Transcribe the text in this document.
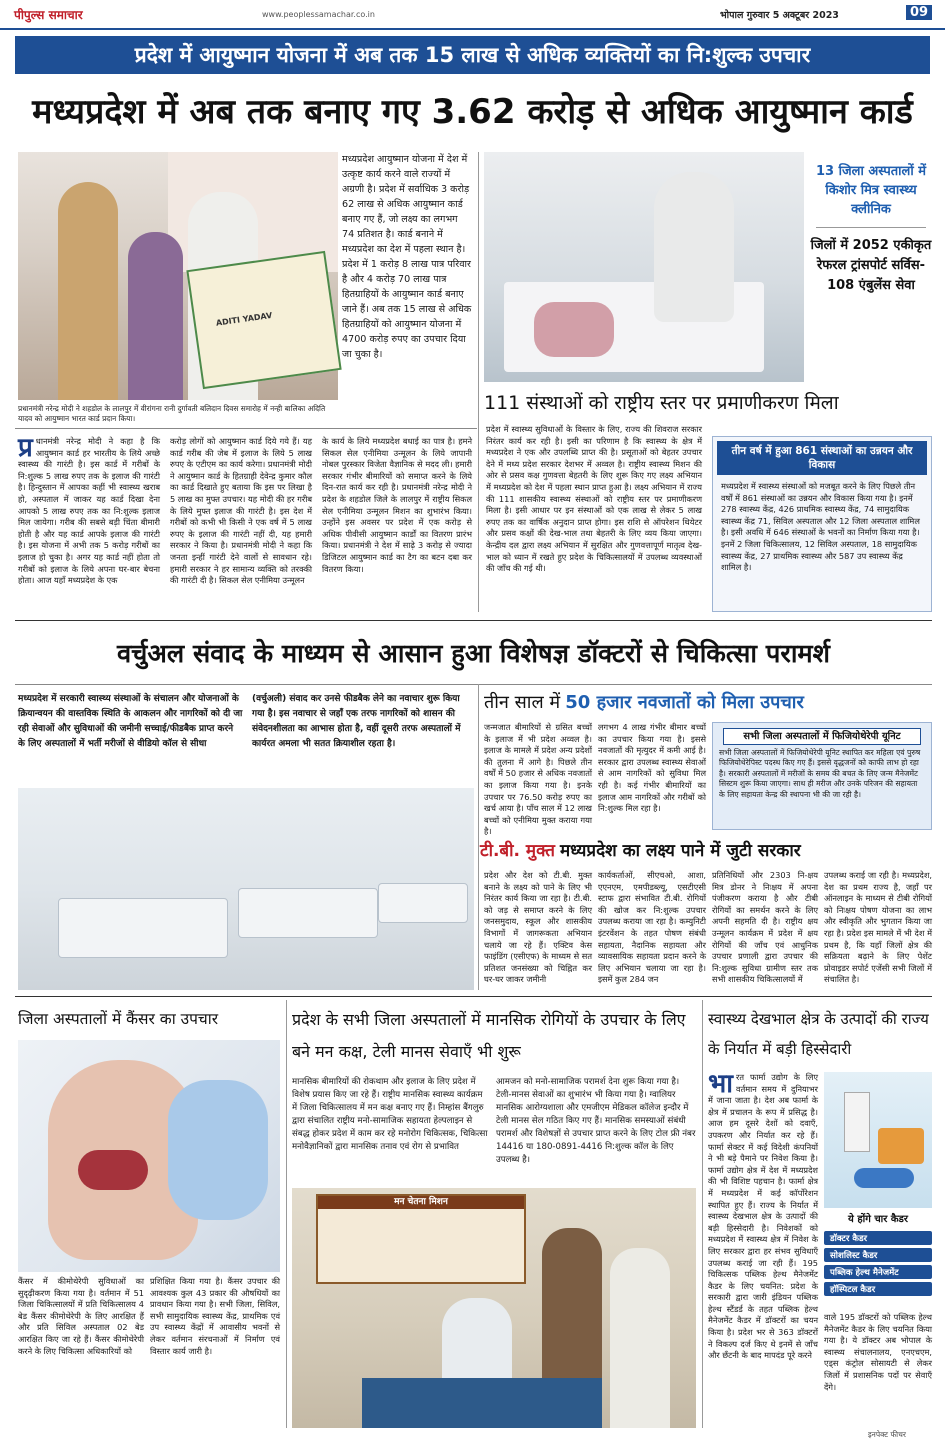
पीपुल्स समाचार	www.peoplessamachar.co.in	भोपाल गुरुवार 5 अक्टूबर 2023	09
प्रदेश में आयुष्मान योजना में अब तक 15 लाख से अधिक व्यक्तियों का नि:शुल्क उपचार
मध्यप्रदेश में अब तक बनाए गए 3.62 करोड़ से अधिक आयुष्मान कार्ड
ADITI YADAV
प्रधानमंत्री नरेन्द्र मोदी ने शहडोल के लालपुर में वीरांगना रानी दुर्गावती बलिदान दिवस समारोह में नन्ही बालिका अदिति यादव को आयुष्मान भारत कार्ड प्रदान किया।
मध्यप्रदेश आयुष्मान योजना में देश में उत्कृष्ट कार्य करने वाले राज्यों में अग्रणी है। प्रदेश में सर्वाधिक 3 करोड़ 62 लाख से अधिक आयुष्मान कार्ड बनाए गए हैं, जो लक्ष्य का लगभग 74 प्रतिशत है। कार्ड बनाने में मध्यप्रदेश का देश में पहला स्थान है। प्रदेश में 1 करोड़ 8 लाख पात्र परिवार है और 4 करोड़ 70 लाख पात्र हितग्राहियों के आयुष्मान कार्ड बनाए जाने हैं। अब तक 15 लाख से अधिक हितग्राहियों को आयुष्मान योजना में 4700 करोड़ रुपए का उपचार दिया जा चुका है।
13 जिला अस्पतालों में किशोर मित्र स्वास्थ्य क्लीनिक
जिलों में 2052 एकीकृत रेफरल ट्रांसपोर्ट सर्विस- 108 एंबुलेंस सेवा
111 संस्थाओं को राष्ट्रीय स्तर पर प्रमाणीकरण मिला
प्र धानमंत्री नरेन्द्र मोदी ने कहा है कि आयुष्मान कार्ड हर भारतीय के लिये अच्छे स्वास्थ्य की गारंटी है। इस कार्ड में गरीबों के नि:शुल्क 5 लाख रुपए तक के इलाज की गारंटी है। हिन्दुस्तान में आपका कहीं भी स्वास्थ्य खराब हो, अस्पताल में जाकर यह कार्ड दिखा देना आपको 5 लाख रुपए तक का नि:शुल्क इलाज मिल जायेगा। गरीब की सबसे बड़ी चिंता बीमारी होती है और यह कार्ड आपके इलाज की गारंटी है। इस योजना में अभी तक 5 करोड़ गरीबों का इलाज हो चुका है। अगर यह कार्ड नहीं होता तो गरीबों को इलाज के लिये अपना घर-बार बेचना होता। आज यहाँ मध्यप्रदेश के एक
करोड़ लोगों को आयुष्मान कार्ड दिये गये हैं। यह कार्ड गरीब की जेब में इलाज के लिये 5 लाख रुपए के एटीएम का कार्य करेगा। प्रधानमंत्री मोदी ने आयुष्मान कार्ड के हितग्राही देवेन्द्र कुमार कौल का कार्ड दिखाते हुए बताया कि इस पर लिखा है 5 लाख का मुफ्त उपचार। यह मोदी की हर गरीब के लिये मुफ्त इलाज की गारंटी है। इस देश में गरीबों को कभी भी किसी ने एक वर्ष में 5 लाख रुपए के इलाज की गारंटी नहीं दी, यह हमारी सरकार ने किया है। प्रधानमंत्री मोदी ने कहा कि जनता इन्हीं गारंटी देने वालों से सावधान रहे। हमारी सरकार ने हर सामान्य व्यक्ति को तरक्की की गारंटी दी है। सिकल सेल एनीमिया उन्मूलन
के कार्य के लिये मध्यप्रदेश बधाई का पात्र है। हमने सिकल सेल एनीमिया उन्मूलन के लिये जापानी नोबल पुरस्कार विजेता वैज्ञानिक से मदद ली। हमारी सरकार गंभीर बीमारियों को समाप्त करने के लिये दिन-रात कार्य कर रही है। प्रधानमंत्री नरेन्द्र मोदी ने प्रदेश के शहडोल जिले के लालपुर में राष्ट्रीय सिकल सेल एनीमिया उन्मूलन मिशन का शुभारंभ किया। उन्होंने इस अवसर पर प्रदेश में एक करोड़ से अधिक पीवीसी आयुष्मान कार्डों का वितरण प्रारंभ किया। प्रधानमंत्री ने देश में साढ़े 3 करोड़ से ज्यादा डिजिटल आयुष्मान कार्ड का टैग का बटन दबा कर वितरण किया।
प्रदेश में स्वास्थ्य सुविधाओं के विस्तार के लिए, राज्य की शिवराज सरकार निरंतर कार्य कर रही है। इसी का परिणाम है कि स्वास्थ्य के क्षेत्र में मध्यप्रदेश ने एक और उपलब्धि प्राप्त की है। प्रसूताओं को बेहतर उपचार देने में मध्य प्रदेश सरकार देशभर में अव्वल है। राष्ट्रीय स्वास्थ्य मिशन की ओर से प्रसव कक्ष गुणवत्ता बेहतरी के लिए शुरू किए गए लक्ष्य अभियान में मध्यप्रदेश को देश में पहला स्थान प्राप्त हुआ है। लक्ष्य अभियान में राज्य की 111 शासकीय स्वास्थ्य संस्थाओं को राष्ट्रीय स्तर पर प्रमाणीकरण मिला है। इसी आधार पर इन संस्थाओं को एक लाख से लेकर 5 लाख रुपए तक का वार्षिक अनुदान प्राप्त होगा। इस राशि से ऑपरेशन थियेटर और प्रसव कक्षों की देख-भाल तथा बेहतरी के लिए व्यय किया जाएगा। केन्द्रीय दल द्वारा लक्ष्य अभियान में सुरक्षित और गुणवत्तापूर्ण मातृत्व देख-भाल को ध्यान में रखते हुए प्रदेश के चिकित्सालयों में उपलब्ध व्यवस्थाओं की जाँच की गई थी।
तीन वर्ष में हुआ 861 संस्थाओं का उन्नयन और विकास
मध्यप्रदेश में स्वास्थ्य संस्थाओं को मजबूत करने के लिए पिछले तीन वर्षों में 861 संस्थाओं का उन्नयन और विकास किया गया है। इनमें 278 स्वास्थ्य केंद्र, 426 प्राथमिक स्वास्थ्य केंद्र, 74 सामुदायिक स्वास्थ्य केंद्र 71, सिविल अस्पताल और 12 जिला अस्पताल शामिल है। इसी अवधि में 646 संस्थाओं के भवनों का निर्माण किया गया है। इनमें 2 जिला चिकित्सालय, 12 सिविल अस्पताल, 18 सामुदायिक स्वास्थ्य केंद्र, 27 प्राथमिक स्वास्थ्य और 587 उप स्वास्थ्य केंद्र शामिल है।
वर्चुअल संवाद के माध्यम से आसान हुआ विशेषज्ञ डॉक्टरों से चिकित्सा परामर्श
मध्यप्रदेश में सरकारी स्वास्थ्य संस्थाओं के संचालन और योजनाओं के क्रियान्वयन की वास्तविक स्थिति के आकलन और नागरिकों को दी जा रही सेवाओं और सुविधाओं की जमीनी सच्चाई/फीडबैक प्राप्त करने के लिए अस्पतालों में भर्ती मरीजों से वीडियो कॉल से सीधा
(वर्चुअली) संवाद कर उनसे फीडबैक लेने का नवाचार शुरू किया गया है। इस नवाचार से जहाँ एक तरफ नागरिकों को शासन की संवेदनशीलता का आभास होता है, वहीं दूसरी तरफ अस्पतालों में कार्यरत अमला भी सतत क्रियाशील रहता है।
तीन साल में 50 हजार नवजातों को मिला उपचार
जन्मजात बीमारियों से ग्रसित बच्चों के इलाज में भी प्रदेश अव्वल है। इलाज के मामले में प्रदेश अन्य प्रदेशों की तुलना में आगे है। पिछले तीन वर्षों में 50 हजार से अधिक नवजातों का इलाज किया गया है। इनके उपचार पर 76.50 करोड़ रुपए का खर्च आया है। पाँच साल में 12 लाख बच्चों को एनीमिया मुक्त कराया गया है।
लगभग 4 लाख गंभीर बीमार बच्चों का उपचार किया गया है। इससे नवजातों की मृत्युदर में कमी आई है। सरकार द्वारा उपलब्ध स्वास्थ्य सेवाओं से आम नागरिकों को सुविधा मिल रही है। कई गंभीर बीमारियों का इलाज आम नागरिकों और गरीबों को नि:शुल्क मिल रहा है।
सभी जिला अस्पतालों में फिजियोथेरेपी यूनिट
सभी जिला अस्पतालों में फिजियोथेरेपी यूनिट स्थापित कर महिला एवं पुरुष फिजियोथेरेपिस्ट पदस्थ किए गए हैं। इससे वृद्धजनों को काफी लाभ हो रहा है। सरकारी अस्पतालों में मरीजों के समय की बचत के लिए जन्म मैनेजमेंट सिस्टम शुरू किया जाएगा। साथ ही मरीज और उनके परिजन की सहायता के लिए सहायता केन्द्र की स्थापना भी की जा रही है।
टी.बी. मुक्त मध्यप्रदेश का लक्ष्य पाने में जुटी सरकार
प्रदेश और देश को टी.बी. मुक्त बनाने के लक्ष्य को पाने के लिए भी निरंतर कार्य किया जा रहा है। टी.बी. को जड़ से समाप्त करने के लिए जनसमुदाय, स्कूल और शासकीय विभागों में जागरूकता अभियान चलाये जा रहे हैं। एक्टिव केस फाइंडिंग (एसीएफ) के माध्यम से सत प्रतिशत जनसंख्या को चिह्नित कर घर-घर जाकर जमीनी
कार्यकर्ताओं, सीएचओ, आशा, एएनएम, एमपीडब्ल्यू, एसटीएसी स्टाफ द्वारा संभावित टी.बी. रोगियों की खोज कर नि:शुल्क उपचार उपलब्ध कराया जा रहा है। कम्युनिटी इंटरवेंशन के तहत पोषण संबंधी सहायता, नैदानिक सहायता और व्यावसायिक सहायता प्रदान करने के लिए अभियान चलाया जा रहा है। इसमें कुल 284 जन
प्रतिनिधियों और 2303 नि-क्षय मित्र डोनर ने निःक्षय में अपना पंजीकरण कराया है और टीबी रोगियों का समर्थन करने के लिए अपनी सहमति दी है। राष्ट्रीय क्षय उन्मूलन कार्यक्रम में प्रदेश में क्षय रोगियों की जाँच एवं आधुनिक उपचार प्रणाली द्वारा उपचार की नि:शुल्क सुविधा ग्रामीण स्तर तक सभी शासकीय चिकित्सालयों में
उपलब्ध कराई जा रही है। मध्यप्रदेश, देश का प्रथम राज्य है, जहाँ पर ऑनलाइन के माध्यम से टीबी रोगियों को निःक्षय पोषण योजना का लाभ और स्वीकृति और भुगतान किया जा रहा है। प्रदेश इस मामले में भी देश में प्रथम है, कि यहाँ जिलों क्षेत्र की सक्रियता बढ़ाने के लिए पेशेंट प्रोवाइडर सपोर्ट एजेंसी सभी जिलों में संचालित है।
जिला अस्पतालों में कैंसर का उपचार
कैंसर में कीमोथेरेपी सुविधाओं का सुदृढ़ीकरण किया गया है। वर्तमान में 51 जिला चिकित्सालयों में प्रति चिकित्सालय 4 बेड कैंसर कीमोथेरेपी के लिए आरक्षित हैं और प्रति सिविल अस्पताल 02 बेड आरक्षित किए जा रहे हैं। कैंसर कीमोथेरेपी करने के लिए चिकित्सा अधिकारियों को
प्रशिक्षित किया गया है। कैंसर उपचार की आवश्यक कुल 43 प्रकार की औषधियों का प्रावधान किया गया है। सभी जिला, सिविल, सभी सामुदायिक स्वास्थ्य केंद्र, प्राथमिक एवं उप स्वास्थ्य केंद्रों में आवासीय भवनों से लेकर वर्तमान संरचनाओं में निर्माण एवं विस्तार कार्य जारी है।
प्रदेश के सभी जिला अस्पतालों में मानसिक रोगियों के उपचार के लिए बने मन कक्ष, टेली मानस सेवाएँ भी शुरू
मानसिक बीमारियों की रोकथाम और इलाज के लिए प्रदेश में विशेष प्रयास किए जा रहे हैं। राष्ट्रीय मानसिक स्वास्थ्य कार्यक्रम में जिला चिकित्सालय में मन कक्ष बनाए गए हैं। निम्हांस बैंगलुरु द्वारा संचालित राष्ट्रीय मनो-सामाजिक सहायता हेल्पलाइन से संबद्ध होकर प्रदेश में काम कर रहे मनोरोग चिकित्सक, चिकित्सा मनोवैज्ञानिकों द्वारा मानसिक तनाव एवं रोग से प्रभावित
आमजन को मनो-सामाजिक परामर्श देना शुरू किया गया है। टेली-मानस सेवाओं का शुभारंभ भी किया गया है। ग्वालियर मानसिक आरोग्यशाला और एमजीएम मेडिकल कॉलेज इन्दौर में टेली मानस सेल गठित किए गए हैं। मानसिक समस्याओं संबंधी परामर्श और विशेषज्ञों से उपचार प्राप्त करने के लिए टोल फ्री नंबर 14416 या 180-0891-4416 नि:शुल्क कॉल के लिए उपलब्ध है।
मन चेतना मिशन
स्वास्थ्य देखभाल क्षेत्र के उत्पादों की राज्य के निर्यात में बड़ी हिस्सेदारी
भारत फार्मा उद्योग के लिए वर्तमान समय में दुनियाभर में जाना जाता है। देश अब फार्मा के क्षेत्र में प्रचालन के रूप में प्रसिद्ध है। आज हम दूसरे देशों को दवाएँ, उपकरण और निर्यात कर रहे हैं। फार्मा सेक्टर में कई विदेशी कंपनियों ने भी बड़े पैमाने पर निवेश किया है। फार्मा उद्योग क्षेत्र में देश में मध्यप्रदेश की भी विशिष्ट पहचान है। फार्मा क्षेत्र में मध्यप्रदेश में कई कॉर्पोरेशन स्थापित हुए हैं। राज्य के निर्यात में स्वास्थ्य देखभाल क्षेत्र के उत्पादों की बड़ी हिस्सेदारी है। निवेशकों को मध्यप्रदेश में स्वास्थ्य क्षेत्र में निवेश के लिए सरकार द्वारा हर संभव सुविधाएँ उपलब्ध कराई जा रही हैं। 195 चिकित्सक पब्लिक हेल्थ मैनेजमेंट कैडर के लिए चयनित: प्रदेश के सरकारी द्वारा जारी इंडियन पब्लिक हेल्थ स्टैंडर्ड के तहत पब्लिक हेल्थ मैनेजमेंट कैडर में डॉक्टरों का चयन किया है। प्रदेश भर से 363 डॉक्टरों ने विकल्प दर्ज किए थे इनमें से जाँच और छँटनी के बाद मापदंड पूरे करने
ये होंगे चार कैडर
डॉक्टर कैडर
सोशलिस्ट कैडर
पब्लिक हेल्थ मैनेजमेंट
हॉस्पिटल कैडर
वाले 195 डॉक्टरों को पब्लिक हेल्थ मैनेजमेंट कैडर के लिए चयनित किया गया है। ये डॉक्टर अब भोपाल के स्वास्थ्य संचालनालय, एनएचएम, एड्स कंट्रोल सोसायटी से लेकर जिलों में प्रशासनिक पदों पर सेवाएँ देंगे।
इनपेक्ट फीचर
